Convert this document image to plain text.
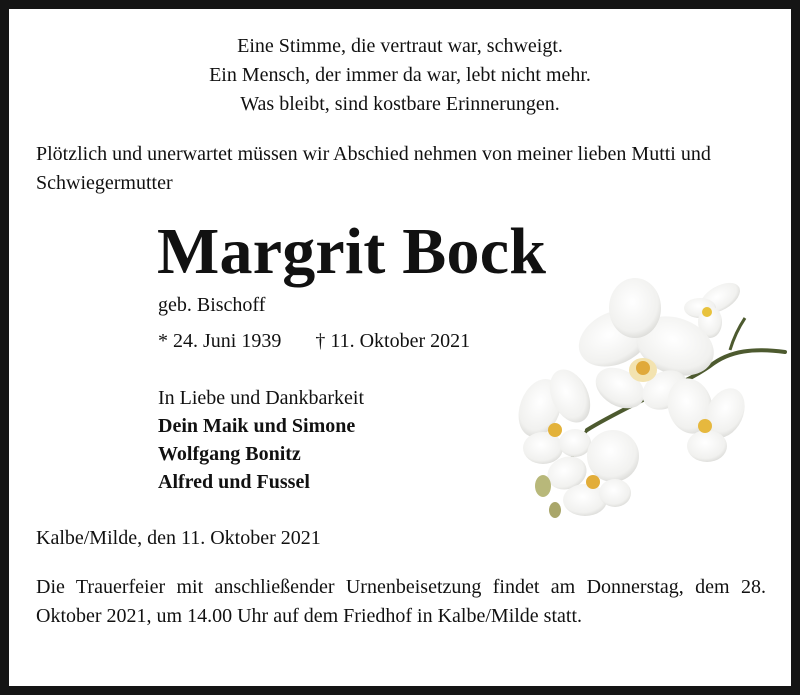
Eine Stimme, die vertraut war, schweigt.
Ein Mensch, der immer da war, lebt nicht mehr.
Was bleibt, sind kostbare Erinnerungen.

Plötzlich und unerwartet müssen wir Abschied nehmen von meiner lieben Mutti und Schwiegermutter

Margrit Bock
geb. Bischoff
* 24. Juni 1939 † 11. Oktober 2021
In Liebe und Dankbarkeit
Dein Maik und Simone
Wolfgang Bonitz
Alfred und Fussel
Kalbe/Milde, den 11. Oktober 2021

Die Trauerfeier mit anschließender Urnenbeisetzung findet am Donnerstag, dem 28. Oktober 2021, um 14.00 Uhr auf dem Friedhof in Kalbe/Milde statt.
